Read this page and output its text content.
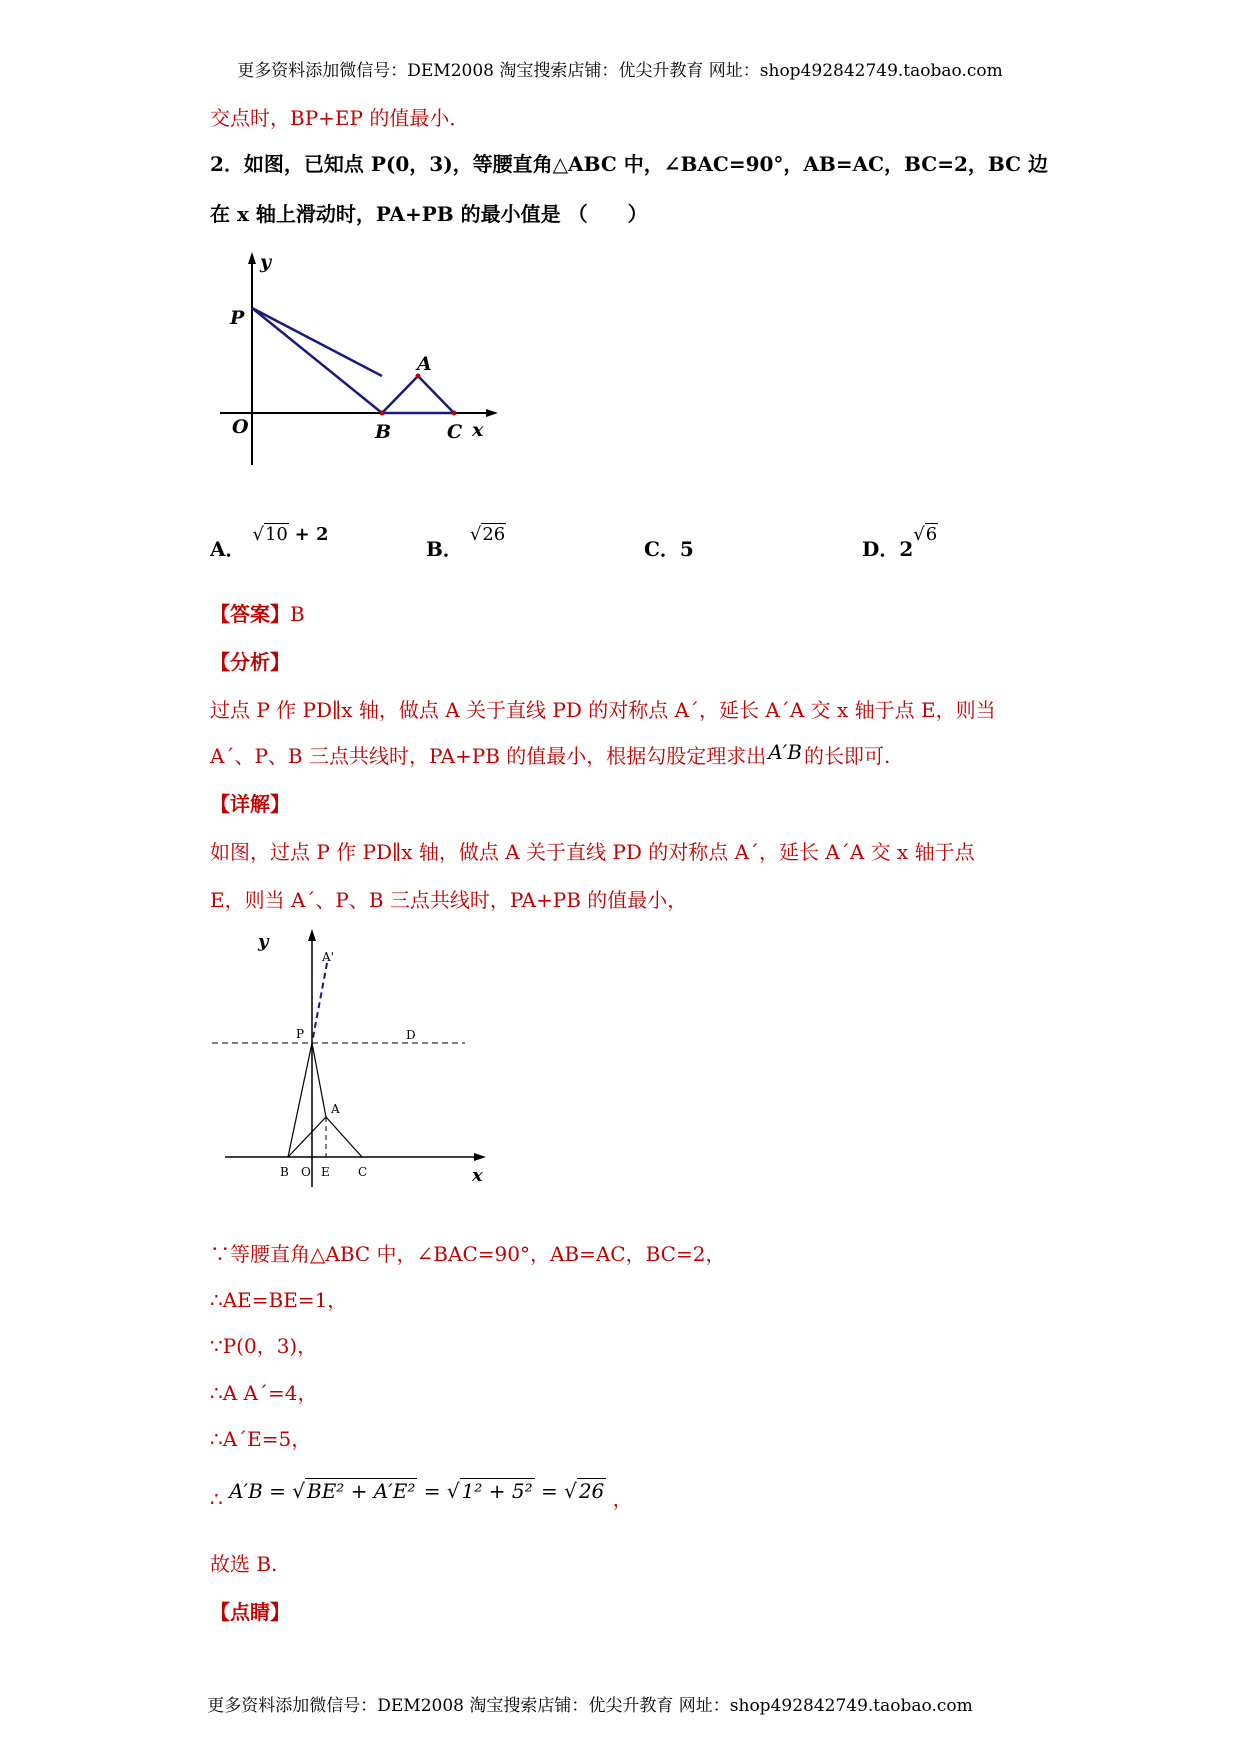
更多资料添加微信号：DEM2008 淘宝搜索店铺：优尖升教育 网址：shop492842749.taobao.com
交点时，BP+EP 的值最小．
2．如图，已知点 P(0，3)，等腰直角△ABC 中，∠BAC=90°，AB=AC，BC=2，BC 边
在 x 轴上滑动时，PA+PB 的最小值是 （　　）
y
P
A
O	B	C x
A． √10 + 2
B． √26
C．5	D．2√6
【答案】B
【分析】
过点 P 作 PD∥x 轴，做点 A 关于直线 PD 的对称点 A´，延长 A´A 交 x 轴于点 E，则当
A´、P、B 三点共线时，PA+PB 的值最小，根据勾股定理求出 A′B 的长即可.
【详解】
如图，过点 P 作 PD∥x 轴，做点 A 关于直线 PD 的对称点 A´，延长 A´A 交 x 轴于点
E，则当 A´、P、B 三点共线时，PA+PB 的值最小，
y
A'
P	D
A
B O E C	x
∵等腰直角△ABC 中，∠BAC=90°，AB=AC，BC=2，
∴AE=BE=1，
∵P(0，3)，
∴A A´=4，
∴A´E=5，
∴ A′B = √ BE² + A′E² = √ 1² + 5² = √ 26 ，
故选 B.
【点睛】
更多资料添加微信号：DEM2008 淘宝搜索店铺：优尖升教育 网址：shop492842749.taobao.com
